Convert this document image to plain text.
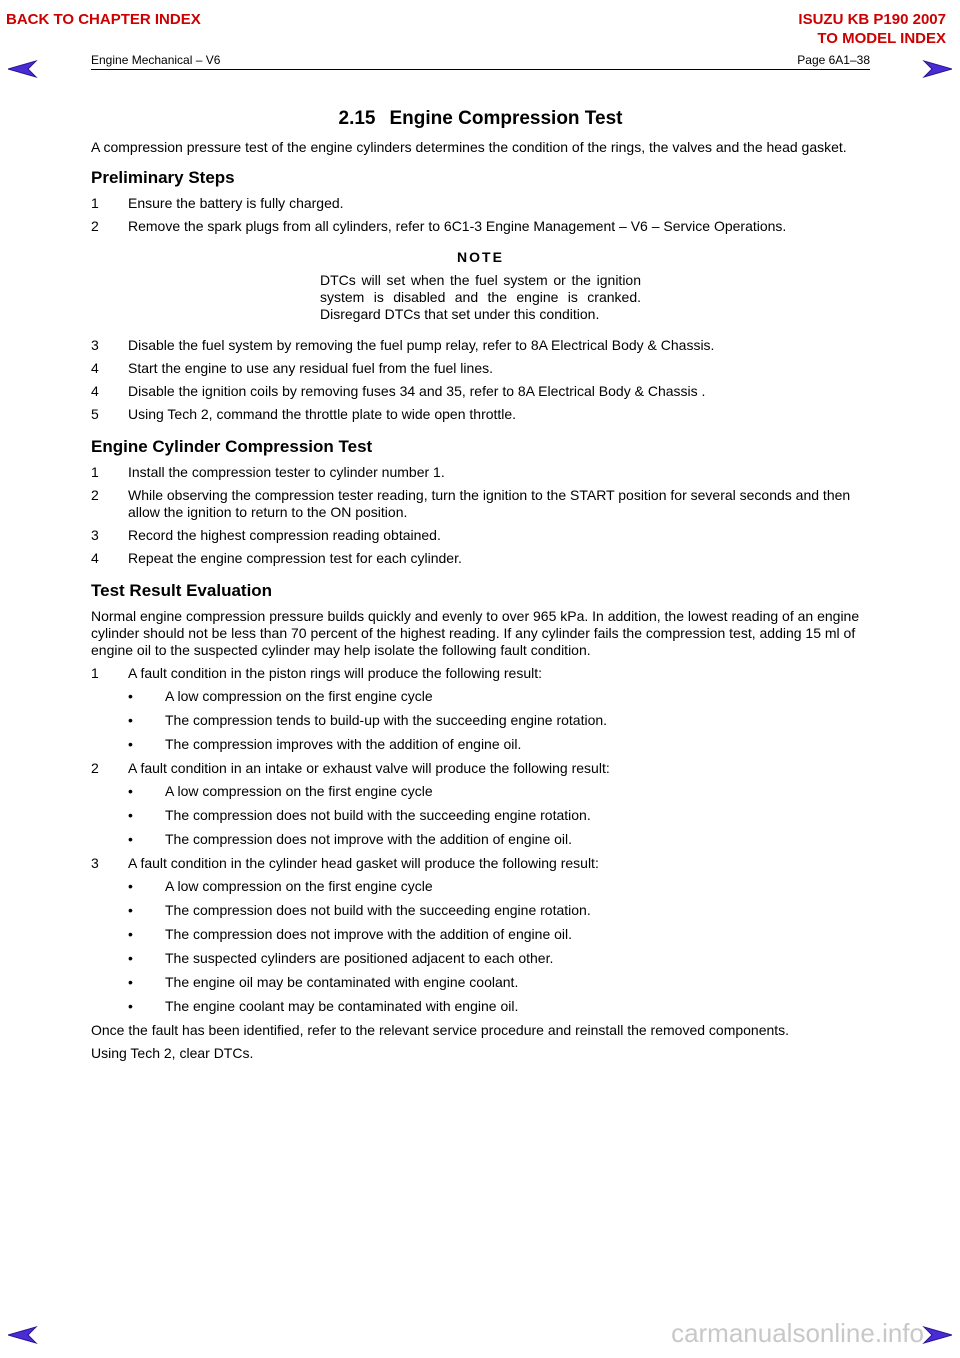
BACK TO CHAPTER INDEX	ISUZU KB P190 2007
TO MODEL INDEX
Engine Mechanical – V6	Page 6A1–38
2.15 Engine Compression Test

A compression pressure test of the engine cylinders determines the condition of the rings, the valves and the head gasket.

Preliminary Steps
1	Ensure the battery is fully charged.
2	Remove the spark plugs from all cylinders, refer to 6C1-3 Engine Management – V6 – Service Operations.
NOTE
DTCs will set when the fuel system or the ignition system is disabled and the engine is cranked. Disregard DTCs that set under this condition.
3	Disable the fuel system by removing the fuel pump relay, refer to 8A Electrical Body & Chassis.
4	Start the engine to use any residual fuel from the fuel lines.
4	Disable the ignition coils by removing fuses 34 and 35, refer to 8A Electrical Body & Chassis .
5	Using Tech 2, command the throttle plate to wide open throttle.
Engine Cylinder Compression Test
1	Install the compression tester to cylinder number 1.
2	While observing the compression tester reading, turn the ignition to the START position for several seconds and then allow the ignition to return to the ON position.
3	Record the highest compression reading obtained.
4	Repeat the engine compression test for each cylinder.
Test Result Evaluation

Normal engine compression pressure builds quickly and evenly to over 965 kPa. In addition, the lowest reading of an engine cylinder should not be less than 70 percent of the highest reading. If any cylinder fails the compression test, adding 15 ml of engine oil to the suspected cylinder may help isolate the following fault condition.

1	A fault condition in the piston rings will produce the following result:
•	A low compression on the first engine cycle
•	The compression tends to build-up with the succeeding engine rotation.
•	The compression improves with the addition of engine oil.
2	A fault condition in an intake or exhaust valve will produce the following result:
•	A low compression on the first engine cycle
•	The compression does not build with the succeeding engine rotation.
•	The compression does not improve with the addition of engine oil.
3	A fault condition in the cylinder head gasket will produce the following result:
•	A low compression on the first engine cycle
•	The compression does not build with the succeeding engine rotation.
•	The compression does not improve with the addition of engine oil.
•	The suspected cylinders are positioned adjacent to each other.
•	The engine oil may be contaminated with engine coolant.
•	The engine coolant may be contaminated with engine oil.

Once the fault has been identified, refer to the relevant service procedure and reinstall the removed components.

Using Tech 2, clear DTCs.

carmanualsonline.info
